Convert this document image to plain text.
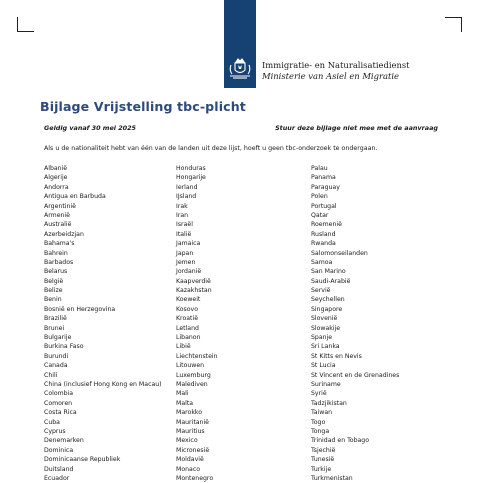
Immigratie- en Naturalisatiedienst
Ministerie van Asiel en Migratie
Bijlage Vrijstelling tbc-plicht
Geldig vanaf 30 mei 2025	Stuur deze bijlage niet mee met de aanvraag
Als u de nationaliteit hebt van één van de landen uit deze lijst, hoeft u geen tbc-onderzoek te ondergaan.
Albanië
Algerije
Andorra
Antigua en Barbuda
Argentinië
Armenië
Australië
Azerbeidzjan
Bahama's
Bahrein
Barbados
Belarus
België
Belize
Benin
Bosnië en Herzegovina
Brazilië
Brunei
Bulgarije
Burkina Faso
Burundi
Canada
Chili
China (inclusief Hong Kong en Macau)
Colombia
Comoren
Costa Rica
Cuba
Cyprus
Denemarken
Dominica
Dominicaanse Republiek
Duitsland
Ecuador
Honduras
Hongarije
Ierland
IJsland
Irak
Iran
Israël
Italië
Jamaica
Japan
Jemen
Jordanië
Kaapverdië
Kazakhstan
Koeweit
Kosovo
Kroatië
Letland
Libanon
Libië
Liechtenstein
Litouwen
Luxemburg
Malediven
Mali
Malta
Marokko
Mauritanië
Mauritius
Mexico
Micronesië
Moldavië
Monaco
Montenegro
Palau
Panama
Paraguay
Polen
Portugal
Qatar
Roemenië
Rusland
Rwanda
Salomonseilanden
Samoa
San Marino
Saudi-Arabië
Servië
Seychellen
Singapore
Slovenië
Slowakije
Spanje
Sri Lanka
St Kitts en Nevis
St Lucia
St Vincent en de Grenadines
Suriname
Syrië
Tadzjikistan
Taiwan
Togo
Tonga
Trinidad en Tobago
Tsjechië
Tunesië
Turkije
Turkmenistan
